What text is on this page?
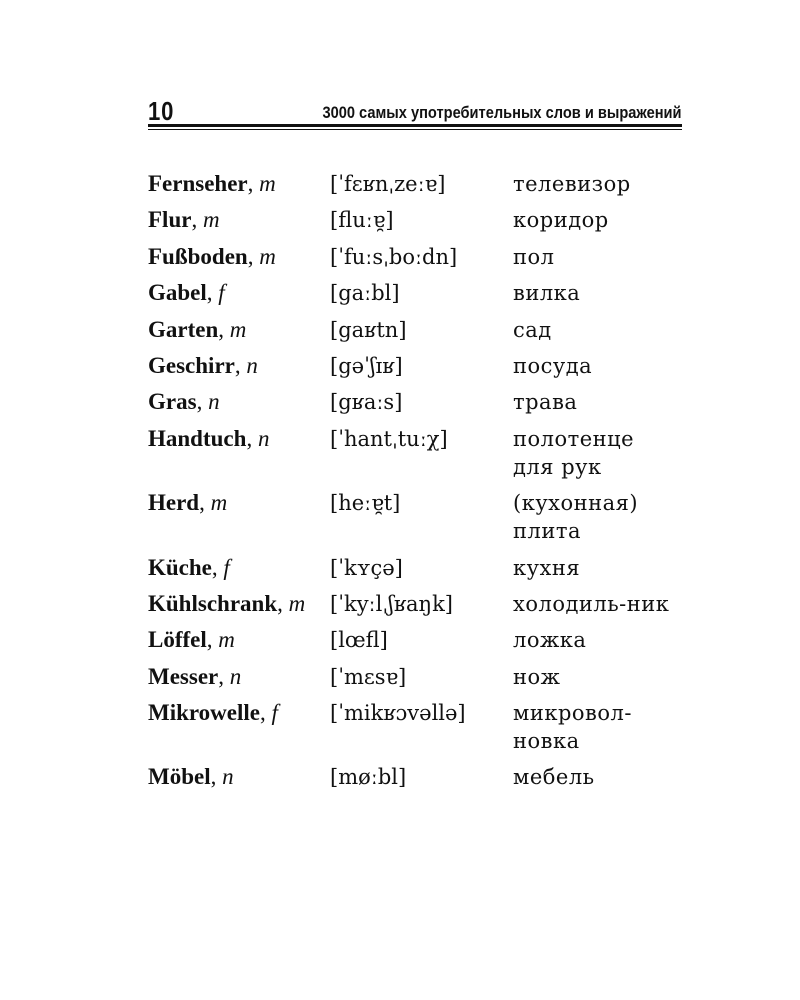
10	3000 самых употребительных слов и выражений
Fernseher, m	[ˈfɛʁnˌzeːɐ]	телевизор
Flur, m	[fluːɐ̯]	коридор
Fußboden, m	[ˈfuːsˌboːdn]	пол
Gabel, f	[gaːbl]	вилка
Garten, m	[gaʁtn]	сад
Geschirr, n	[gəˈʃɪʁ]	посуда
Gras, n	[gʁaːs]	трава
Handtuch, n	[ˈhantˌtuːχ]	полотенце для рук
Herd, m	[heːɐ̯t]	(кухонная) плита
Küche, f	[ˈkʏçə]	кухня
Kühlschrank, m	[ˈkyːlˌʃʁaŋk]	холодиль-ник
Löffel, m	[lœfl]	ложка
Messer, n	[ˈmɛsɐ]	нож
Mikrowelle, f	[ˈmikʁɔvəllə]	микровол-новка
Möbel, n	[møːbl]	мебель
